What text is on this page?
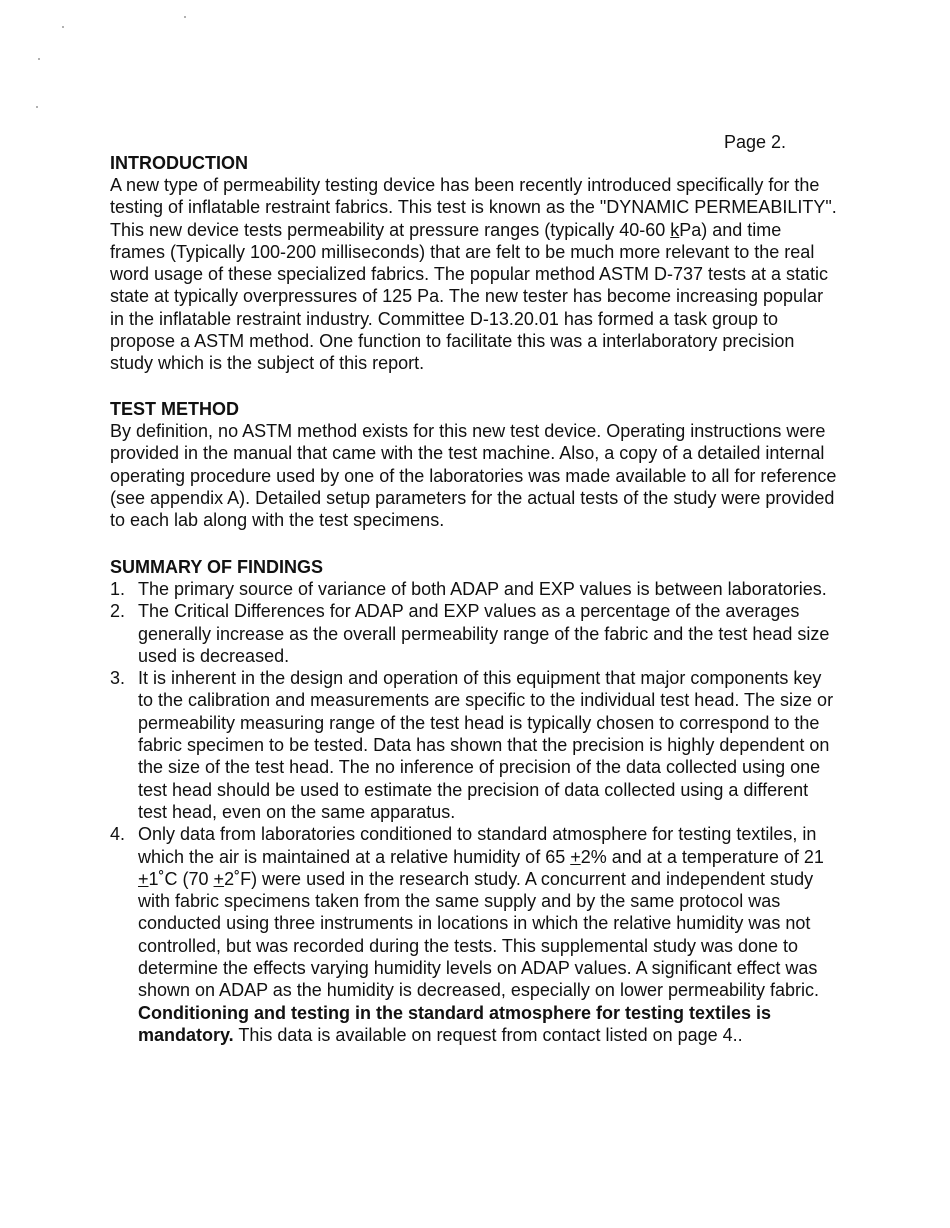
Page 2.

INTRODUCTION

A new type of permeability testing device has been recently introduced specifically for the testing of inflatable restraint fabrics. This test is known as the "DYNAMIC PERMEABILITY". This new device tests permeability at pressure ranges (typically 40-60 kPa) and time frames (Typically 100-200 milliseconds) that are felt to be much more relevant to the real word usage of these specialized fabrics. The popular method ASTM D-737 tests at a static state at typically overpressures of 125 Pa. The new tester has become increasing popular in the inflatable restraint industry. Committee D-13.20.01 has formed a task group to propose a ASTM method. One function to facilitate this was a interlaboratory precision study which is the subject of this report.

TEST METHOD

By definition, no ASTM method exists for this new test device. Operating instructions were provided in the manual that came with the test machine. Also, a copy of a detailed internal operating procedure used by one of the laboratories was made available to all for reference (see appendix A). Detailed setup parameters for the actual tests of the study were provided to each lab along with the test specimens.

SUMMARY OF FINDINGS

1. The primary source of variance of both ADAP and EXP values is between laboratories.
2. The Critical Differences for ADAP and EXP values as a percentage of the averages generally increase as the overall permeability range of the fabric and the test head size used is decreased.
3. It is inherent in the design and operation of this equipment that major components key to the calibration and measurements are specific to the individual test head. The size or permeability measuring range of the test head is typically chosen to correspond to the fabric specimen to be tested. Data has shown that the precision is highly dependent on the size of the test head. The no inference of precision of the data collected using one test head should be used to estimate the precision of data collected using a different test head, even on the same apparatus.
4. Only data from laboratories conditioned to standard atmosphere for testing textiles, in which the air is maintained at a relative humidity of 65 +2% and at a temperature of 21 +1˚C (70 +2˚F) were used in the research study. A concurrent and independent study with fabric specimens taken from the same supply and by the same protocol was conducted using three instruments in locations in which the relative humidity was not controlled, but was recorded during the tests. This supplemental study was done to determine the effects varying humidity levels on ADAP values. A significant effect was shown on ADAP as the humidity is decreased, especially on lower permeability fabric. Conditioning and testing in the standard atmosphere for testing textiles is mandatory. This data is available on request from contact listed on page 4..
